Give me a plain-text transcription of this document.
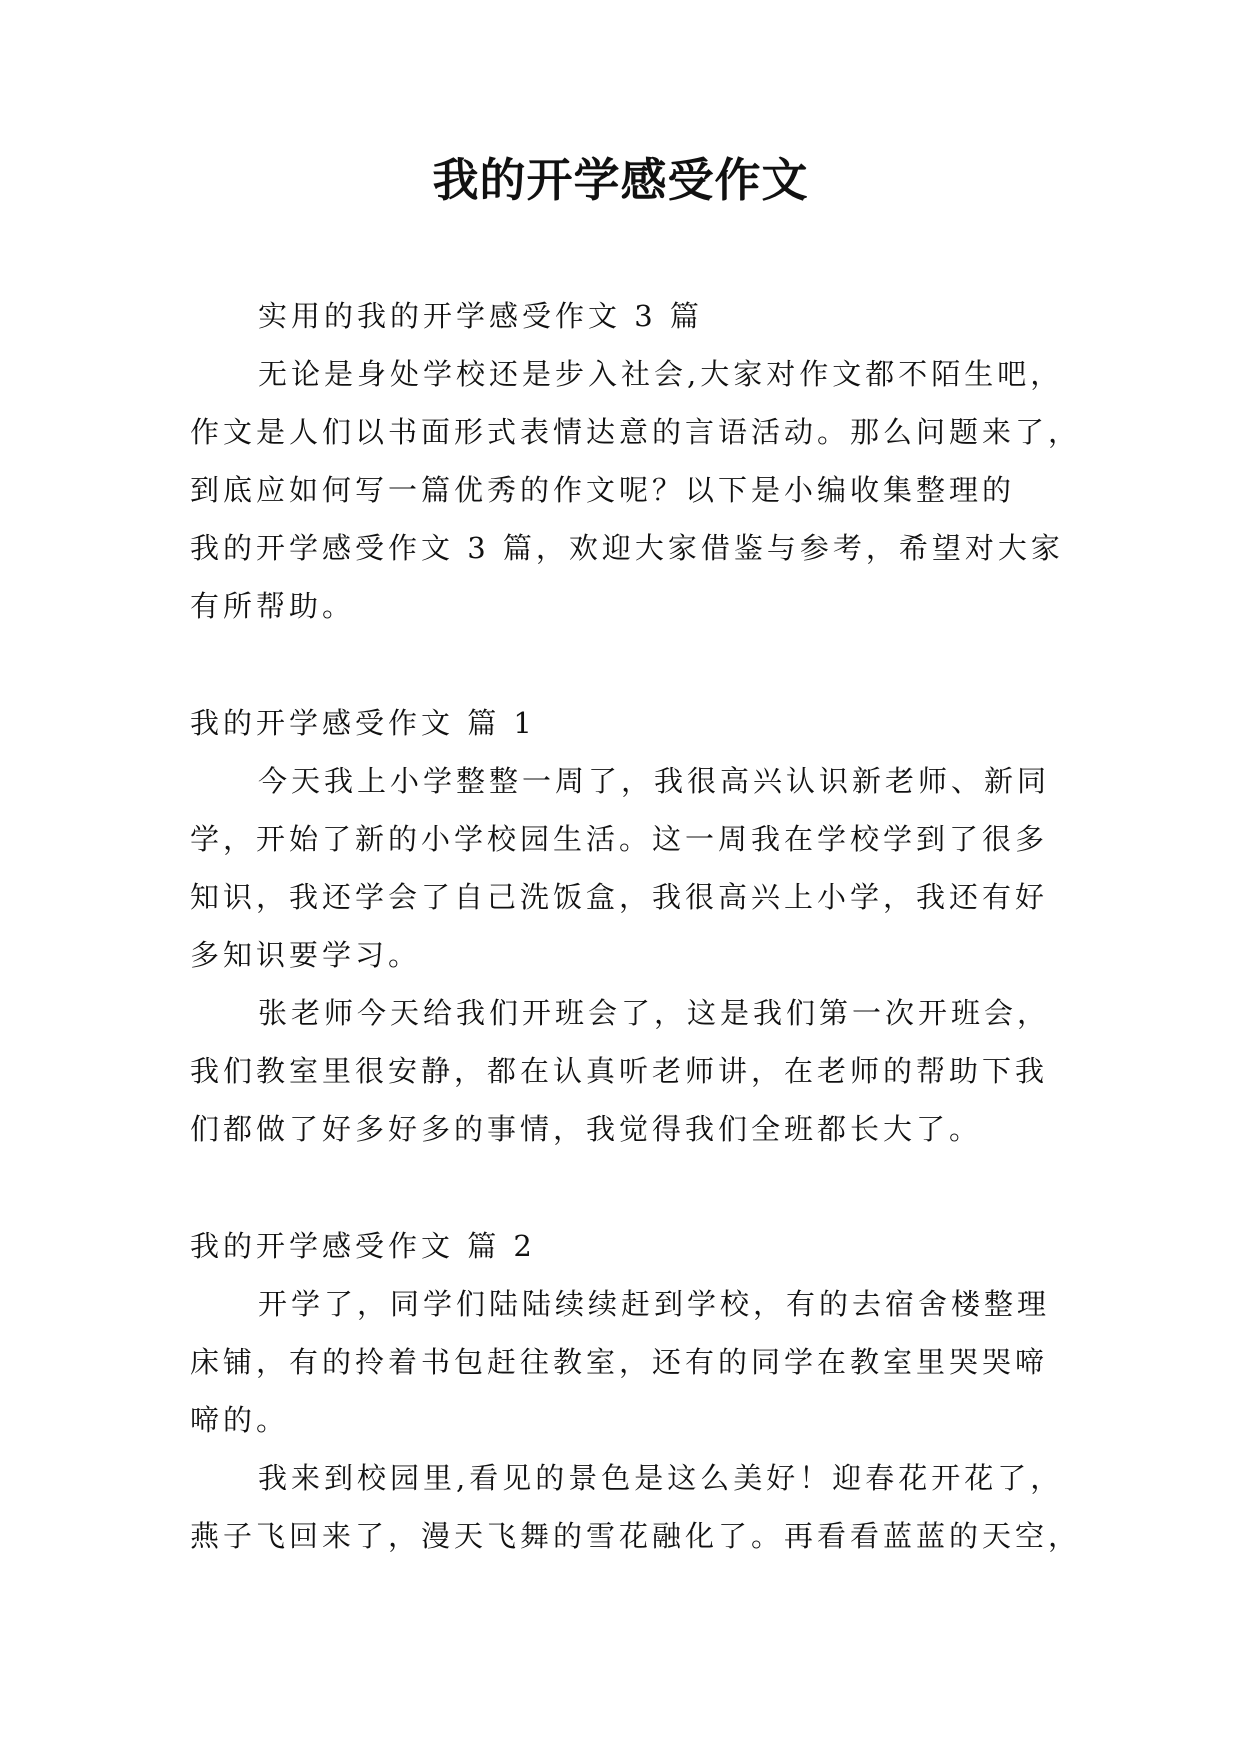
我的开学感受作文
实用的我的开学感受作文 3 篇
无论是身处学校还是步入社会,大家对作文都不陌生吧，
作文是人们以书面形式表情达意的言语活动。那么问题来了，
到底应如何写一篇优秀的作文呢？以下是小编收集整理的
我的开学感受作文 3 篇，欢迎大家借鉴与参考，希望对大家
有所帮助。
我的开学感受作文 篇 1
今天我上小学整整一周了，我很高兴认识新老师、新同
学，开始了新的小学校园生活。这一周我在学校学到了很多
知识，我还学会了自己洗饭盒，我很高兴上小学，我还有好
多知识要学习。
张老师今天给我们开班会了，这是我们第一次开班会，
我们教室里很安静，都在认真听老师讲，在老师的帮助下我
们都做了好多好多的事情，我觉得我们全班都长大了。
我的开学感受作文 篇 2
开学了，同学们陆陆续续赶到学校，有的去宿舍楼整理
床铺，有的拎着书包赶往教室，还有的同学在教室里哭哭啼
啼的。
我来到校园里,看见的景色是这么美好！迎春花开花了，
燕子飞回来了，漫天飞舞的雪花融化了。再看看蓝蓝的天空，
